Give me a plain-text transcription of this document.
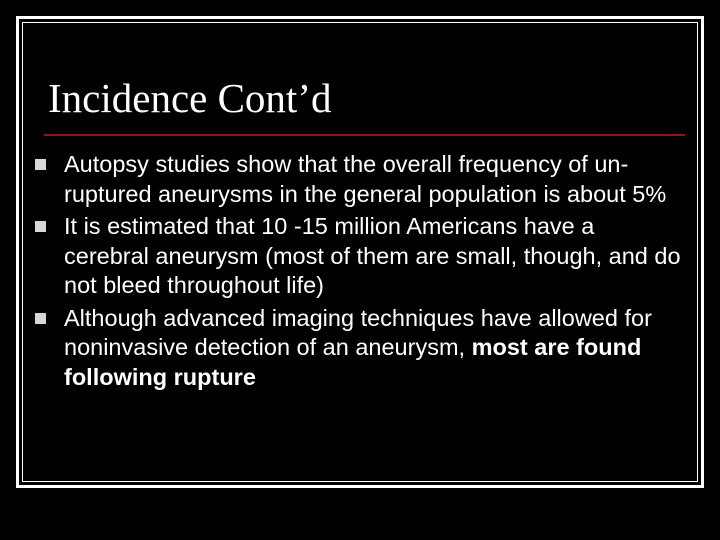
Incidence Cont’d
Autopsy studies show that the overall frequency of un-ruptured aneurysms in the general population is about 5%
It is estimated that 10 -15 million Americans have a cerebral aneurysm (most of them are small, though, and do not bleed throughout life)
Although advanced imaging techniques have allowed for noninvasive detection of an aneurysm, most are found following rupture
